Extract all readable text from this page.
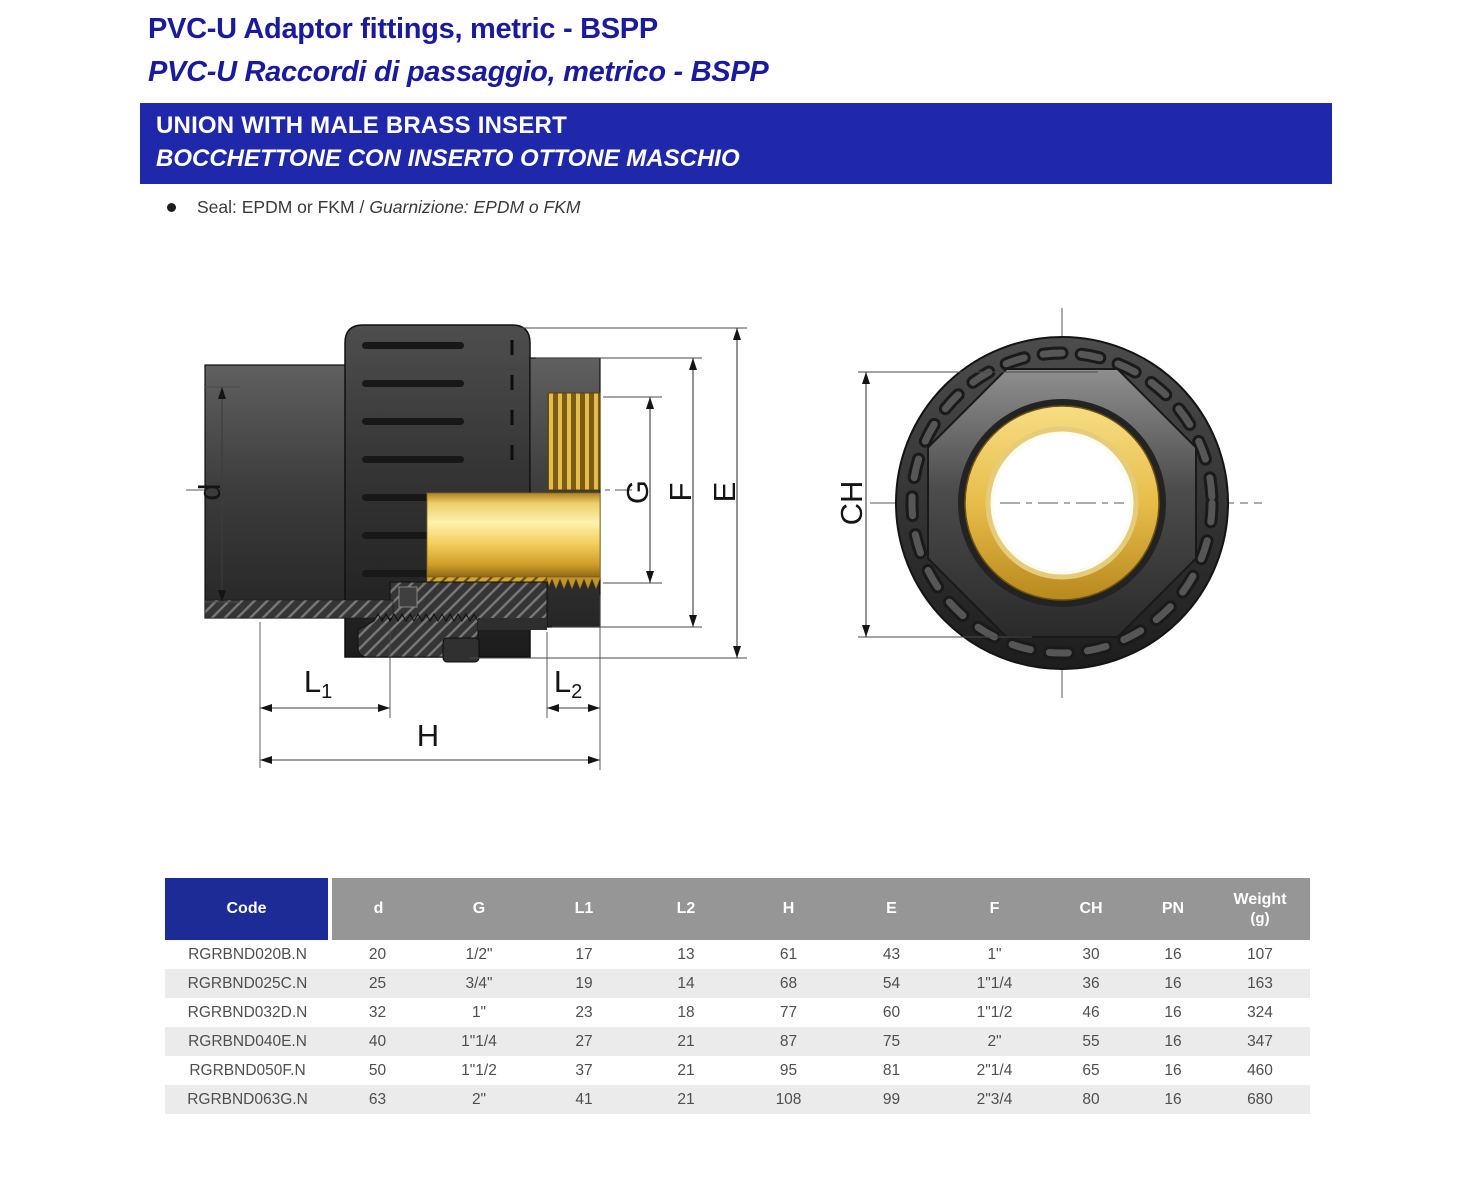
PVC-U Adaptor fittings, metric - BSPP
PVC-U Raccordi di passaggio, metrico - BSPP
UNION WITH MALE BRASS INSERT
BOCCHETTONE CON INSERTO OTTONE MASCHIO
Seal: EPDM or FKM / Guarnizione: EPDM o FKM
d	G F E
L1	L2
H
CH
Code	d	G	L1	L2	H	E	F	CH	PN	Weight
(g)

RGRBND020B.N	20	1/2"	17	13	61	43	1"	30	16	107
RGRBND025C.N	25	3/4"	19	14	68	54	1"1/4	36	16	163
RGRBND032D.N	32	1"	23	18	77	60	1"1/2	46	16	324
RGRBND040E.N	40	1"1/4	27	21	87	75	2"	55	16	347
RGRBND050F.N	50	1"1/2	37	21	95	81	2"1/4	65	16	460
RGRBND063G.N	63	2"	41	21	108	99	2"3/4	80	16	680
